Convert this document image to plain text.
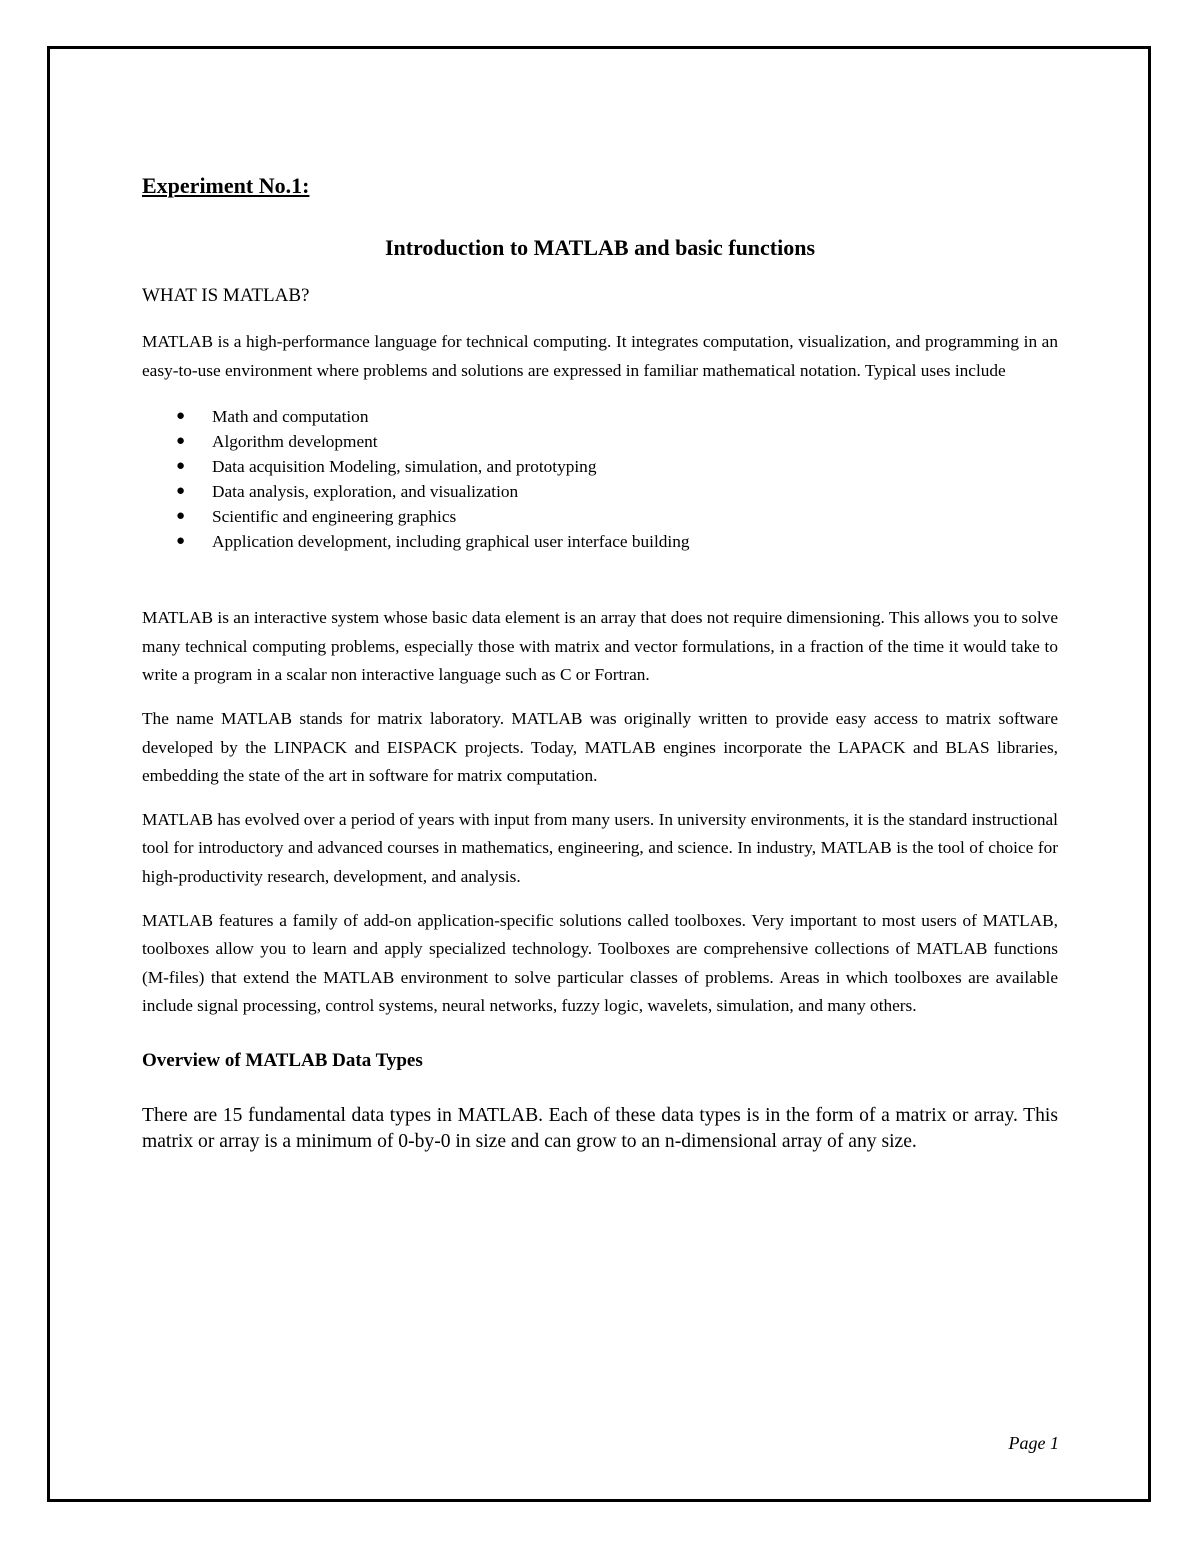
Experiment No.1:
Introduction to MATLAB and basic functions
WHAT IS MATLAB?

MATLAB is a high-performance language for technical computing. It integrates computation, visualization, and programming in an easy-to-use environment where problems and solutions are expressed in familiar mathematical notation. Typical uses include

● Math and computation
● Algorithm development
● Data acquisition Modeling, simulation, and prototyping
● Data analysis, exploration, and visualization
● Scientific and engineering graphics
● Application development, including graphical user interface building

MATLAB is an interactive system whose basic data element is an array that does not require dimensioning. This allows you to solve many technical computing problems, especially those with matrix and vector formulations, in a fraction of the time it would take to write a program in a scalar non interactive language such as C or Fortran.

The name MATLAB stands for matrix laboratory. MATLAB was originally written to provide easy access to matrix software developed by the LINPACK and EISPACK projects. Today, MATLAB engines incorporate the LAPACK and BLAS libraries, embedding the state of the art in software for matrix computation.

MATLAB has evolved over a period of years with input from many users. In university environments, it is the standard instructional tool for introductory and advanced courses in mathematics, engineering, and science. In industry, MATLAB is the tool of choice for high-productivity research, development, and analysis.

MATLAB features a family of add-on application-specific solutions called toolboxes. Very important to most users of MATLAB, toolboxes allow you to learn and apply specialized technology. Toolboxes are comprehensive collections of MATLAB functions (M-files) that extend the MATLAB environment to solve particular classes of problems. Areas in which toolboxes are available include signal processing, control systems, neural networks, fuzzy logic, wavelets, simulation, and many others.

Overview of MATLAB Data Types

There are 15 fundamental data types in MATLAB. Each of these data types is in the form of a matrix or array. This matrix or array is a minimum of 0-by-0 in size and can grow to an n-dimensional array of any size.

Page 1
